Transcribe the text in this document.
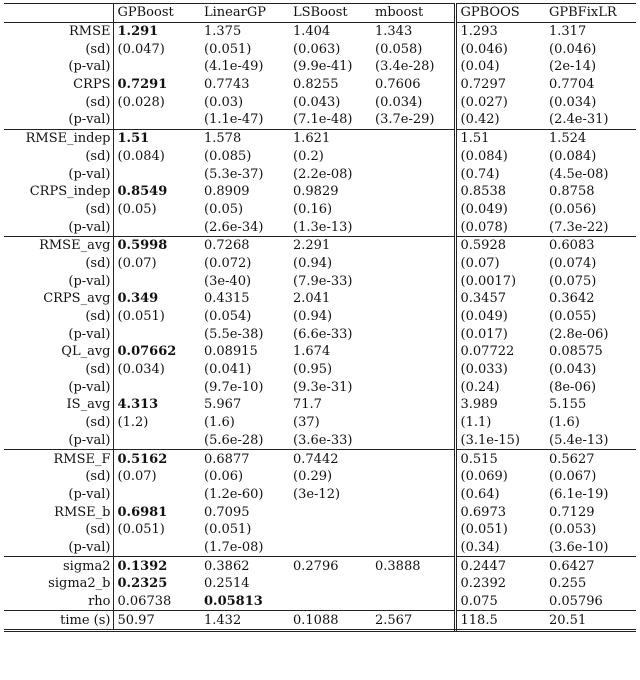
	GPBoost	LinearGP	LSBoost	mboost	GPBOOS	GPBFixLR
RMSE	1.291	1.375	1.404	1.343	1.293	1.317
(sd)	(0.047)	(0.051)	(0.063)	(0.058)	(0.046)	(0.046)
(p-val)		(4.1e-49)	(9.9e-41)	(3.4e-28)	(0.04)	(2e-14)
CRPS	0.7291	0.7743	0.8255	0.7606	0.7297	0.7704
(sd)	(0.028)	(0.03)	(0.043)	(0.034)	(0.027)	(0.034)
(p-val)		(1.1e-47)	(7.1e-48)	(3.7e-29)	(0.42)	(2.4e-31)
RMSE_indep	1.51	1.578	1.621		1.51	1.524
(sd)	(0.084)	(0.085)	(0.2)		(0.084)	(0.084)
(p-val)		(5.3e-37)	(2.2e-08)		(0.74)	(4.5e-08)
CRPS_indep	0.8549	0.8909	0.9829		0.8538	0.8758
(sd)	(0.05)	(0.05)	(0.16)		(0.049)	(0.056)
(p-val)		(2.6e-34)	(1.3e-13)		(0.078)	(7.3e-22)
RMSE_avg	0.5998	0.7268	2.291		0.5928	0.6083
(sd)	(0.07)	(0.072)	(0.94)		(0.07)	(0.074)
(p-val)		(3e-40)	(7.9e-33)		(0.0017)	(0.075)
CRPS_avg	0.349	0.4315	2.041		0.3457	0.3642
(sd)	(0.051)	(0.054)	(0.94)		(0.049)	(0.055)
(p-val)		(5.5e-38)	(6.6e-33)		(0.017)	(2.8e-06)
QL_avg	0.07662	0.08915	1.674		0.07722	0.08575
(sd)	(0.034)	(0.041)	(0.95)		(0.033)	(0.043)
(p-val)		(9.7e-10)	(9.3e-31)		(0.24)	(8e-06)
IS_avg	4.313	5.967	71.7		3.989	5.155
(sd)	(1.2)	(1.6)	(37)		(1.1)	(1.6)
(p-val)		(5.6e-28)	(3.6e-33)		(3.1e-15)	(5.4e-13)
RMSE_F	0.5162	0.6877	0.7442		0.515	0.5627
(sd)	(0.07)	(0.06)	(0.29)		(0.069)	(0.067)
(p-val)		(1.2e-60)	(3e-12)		(0.64)	(6.1e-19)
RMSE_b	0.6981	0.7095			0.6973	0.7129
(sd)	(0.051)	(0.051)			(0.051)	(0.053)
(p-val)		(1.7e-08)			(0.34)	(3.6e-10)
sigma2	0.1392	0.3862	0.2796	0.3888	0.2447	0.6427
sigma2_b	0.2325	0.2514			0.2392	0.255
rho	0.06738	0.05813			0.075	0.05796
time (s)	50.97	1.432	0.1088	2.567	118.5	20.51
